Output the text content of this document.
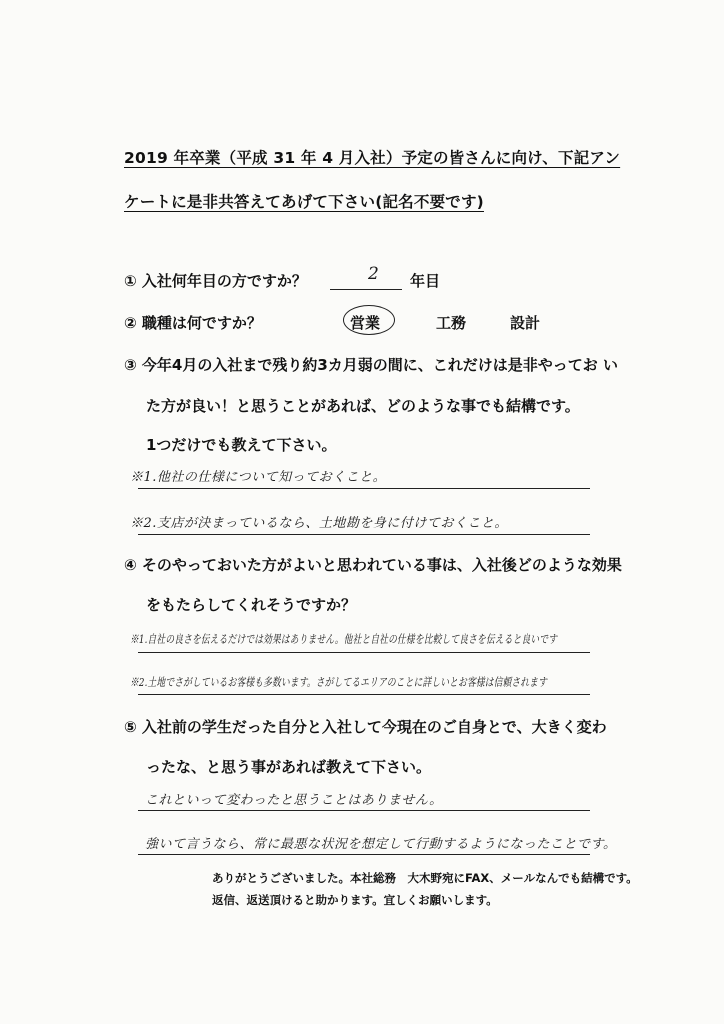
2019 年卒業（平成 31 年 4 月入社）予定の皆さんに向け、下記アン
ケートに是非共答えてあげて下さい(記名不要です)
① 入社何年目の方ですか？	2 年目
② 職種は何ですか？	営業	工務	設計
③ 今年4月の入社まで残り約3カ月弱の間に、これだけは是非やってお い
た方が良い！と思うことがあれば、どのような事でも結構です。
1つだけでも教えて下さい。
※1.他社の仕様について知っておくこと。
※2.支店が決まっているなら、土地勘を身に付けておくこと。
④ そのやっておいた方がよいと思われている事は、入社後どのような効果
をもたらしてくれそうですか？
※1.自社の良さを伝えるだけでは効果はありません。他社と自社の仕様を比較して良さを伝えると良いです
※2.土地でさがしているお客様も多数います。さがしてるエリアのことに詳しいとお客様は信頼されます
⑤ 入社前の学生だった自分と入社して今現在のご自身とで、大きく変わ
ったな、と思う事があれば教えて下さい。
これといって変わったと思うことはありません。
強いて言うなら、常に最悪な状況を想定して行動するようになったことです。
ありがとうございました。本社総務　大木野宛にFAX、メールなんでも結構です。
返信、返送頂けると助かります。宜しくお願いします。
